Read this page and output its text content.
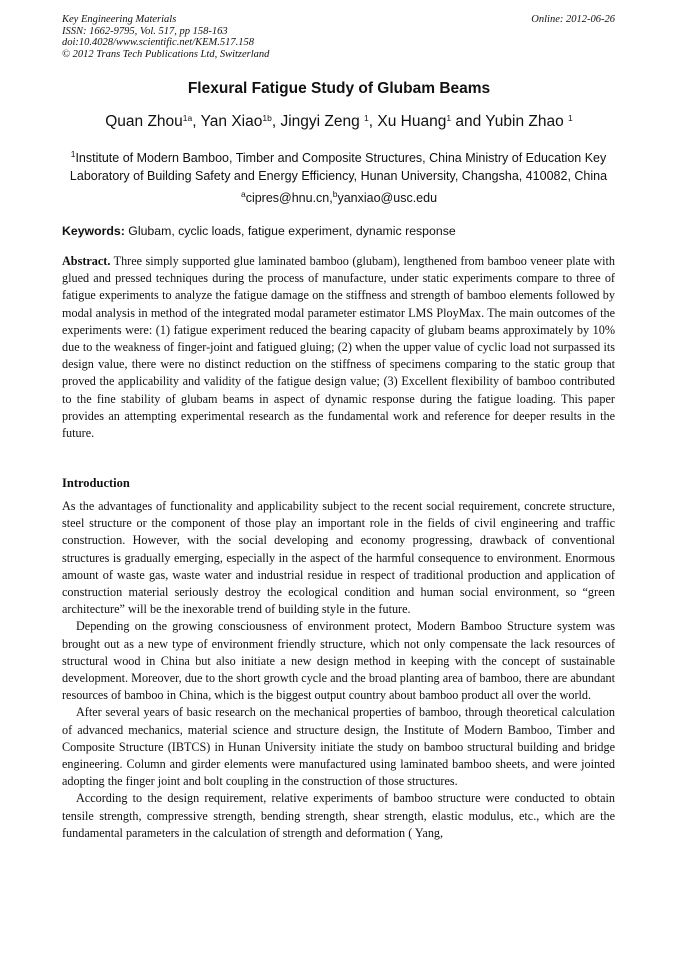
Key Engineering Materials
ISSN: 1662-9795, Vol. 517, pp 158-163
doi:10.4028/www.scientific.net/KEM.517.158
© 2012 Trans Tech Publications Ltd, Switzerland
Online: 2012-06-26
Flexural Fatigue Study of Glubam Beams
Quan Zhou$^{1a}$, Yan Xiao$^{1b}$, Jingyi Zeng $^1$, Xu Huang$^1$ and Yubin Zhao $^1$
$^1$Institute of Modern Bamboo, Timber and Composite Structures, China Ministry of Education Key Laboratory of Building Safety and Energy Efficiency, Hunan University, Changsha, 410082, China
$^a$cipres@hnu.cn,$^b$yanxiao@usc.edu
Keywords: Glubam, cyclic loads, fatigue experiment, dynamic response
Abstract. Three simply supported glue laminated bamboo (glubam), lengthened from bamboo veneer plate with glued and pressed techniques during the process of manufacture, under static experiments compare to three of fatigue experiments to analyze the fatigue damage on the stiffness and strength of bamboo elements followed by modal analysis in method of the integrated modal parameter estimator LMS PloyMax. The main outcomes of the experiments were: (1) fatigue experiment reduced the bearing capacity of glubam beams approximately by 10% due to the weakness of finger-joint and fatigued gluing; (2) when the upper value of cyclic load not surpassed its design value, there were no distinct reduction on the stiffness of specimens comparing to the static group that proved the applicability and validity of the fatigue design value; (3) Excellent flexibility of bamboo contributed to the fine stability of glubam beams in aspect of dynamic response during the fatigue loading. This paper provides an attempting experimental research as the fundamental work and reference for deeper results in the future.
Introduction

As the advantages of functionality and applicability subject to the recent social requirement, concrete structure, steel structure or the component of those play an important role in the fields of civil engineering and traffic construction. However, with the social developing and economy progressing, drawback of conventional structures is gradually emerging, especially in the aspect of the harmful consequence to environment. Enormous amount of waste gas, waste water and industrial residue in respect of traditional production and application of construction material seriously destroy the ecological condition and human social environment, so “green architecture” will be the inexorable trend of building style in the future.

Depending on the growing consciousness of environment protect, Modern Bamboo Structure system was brought out as a new type of environment friendly structure, which not only compensate the lack resources of structural wood in China but also initiate a new design method in keeping with the concept of sustainable development. Moreover, due to the short growth cycle and the broad planting area of bamboo, there are abundant resources of bamboo in China, which is the biggest output country about bamboo product all over the world.

After several years of basic research on the mechanical properties of bamboo, through theoretical calculation of advanced mechanics, material science and structure design, the Institute of Modern Bamboo, Timber and Composite Structure (IBTCS) in Hunan University initiate the study on bamboo structural building and bridge engineering. Column and girder elements were manufactured using laminated bamboo sheets, and were jointed adopting the finger joint and bolt coupling in the construction of those structures.

According to the design requirement, relative experiments of bamboo structure were conducted to obtain tensile strength, compressive strength, bending strength, shear strength, elastic modulus, etc., which are the fundamental parameters in the calculation of strength and deformation ( Yang,
